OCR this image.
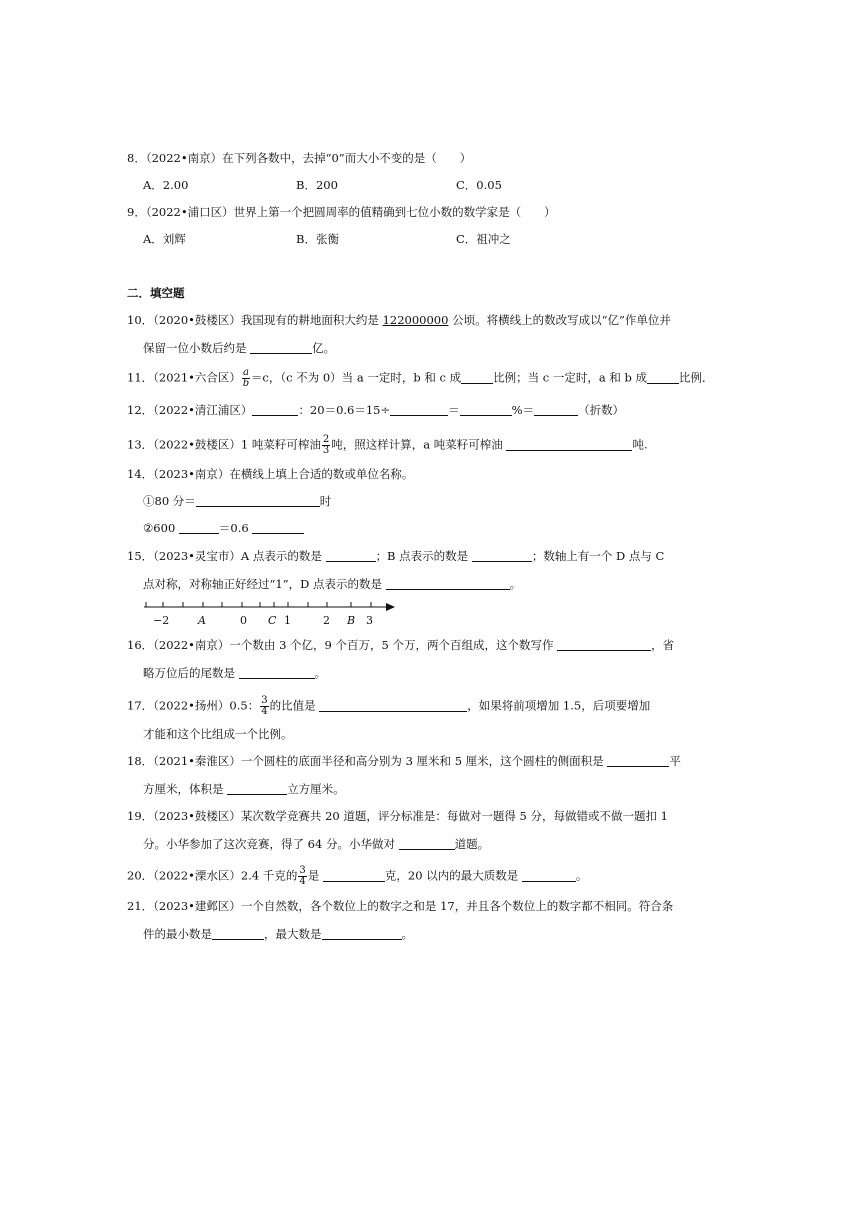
8．（2022•南京）在下列各数中，去掉“0”而大小不变的是（　　）
A．2.00	B．200	C．0.05
9．（2022•浦口区）世界上第一个把圆周率的值精确到七位小数的数学家是（　　）
A．刘辉	B．张衡	C．祖冲之
二．填空题
10．（2020•鼓楼区）我国现有的耕地面积大约是 122000000 公顷。将横线上的数改写成以“亿”作单位并
保留一位小数后约是	亿。
11．（2021•六合区） $\frac{a}{b} =c$，（c 不为 0）当 a 一定时，b 和 c 成	比例；当 c 一定时，a 和 b 成	比例．
12．（2022•清江浦区）	：20＝0.6＝15÷	＝	%＝	（折数）
13．（2022•鼓楼区）1 吨菜籽可榨油 $\frac{2}{3}$ 吨，照这样计算，a 吨菜籽可榨油	吨.
14．（2023•南京）在横线上填上合适的数或单位名称。
①80 分＝	时
②600	＝0.6
15．（2023•灵宝市）A 点表示的数是	；B 点表示的数是	；数轴上有一个 D 点与 C
点对称，对称轴正好经过“1”，D 点表示的数是	。
−2	A	0 C 1	2 B 3
16．（2022•南京）一个数由 3 个亿，9 个百万，5 个万，两个百组成，这个数写作	，省
略万位后的尾数是	。
17．（2022•扬州）0.5： $\frac{3}{4}$ 的比值是	，如果将前项增加 1.5，后项要增加
才能和这个比组成一个比例。
18．（2021•秦淮区）一个圆柱的底面半径和高分别为 3 厘米和 5 厘米，这个圆柱的侧面积是	平
方厘米，体积是	立方厘米。
19．（2023•鼓楼区）某次数学竞赛共 20 道题，评分标准是：每做对一题得 5 分，每做错或不做一题扣 1
分。小华参加了这次竞赛，得了 64 分。小华做对	道题。
20．（2022•溧水区）2.4 千克的 $\frac{3}{4}$ 是	克，20 以内的最大质数是	。
21．（2023•建邺区）一个自然数，各个数位上的数字之和是 17，并且各个数位上的数字都不相同。符合条
件的最小数是	，最大数是	。
